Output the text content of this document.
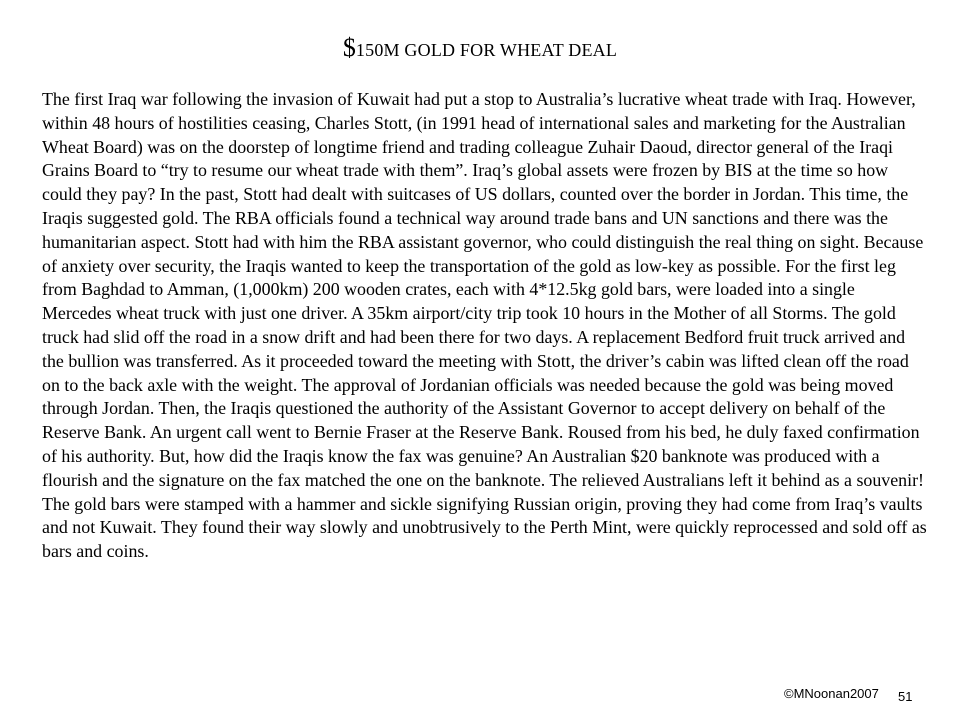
$150M GOLD FOR WHEAT DEAL

The first Iraq war following the invasion of Kuwait had put a stop to Australia’s lucrative wheat trade with Iraq. However, within 48 hours of hostilities ceasing, Charles Stott, (in 1991 head of international sales and marketing for the Australian Wheat Board) was on the doorstep of longtime friend and trading colleague Zuhair Daoud, director general of the Iraqi Grains Board to “try to resume our wheat trade with them”. Iraq’s global assets were frozen by BIS at the time so how could they pay? In the past, Stott had dealt with suitcases of US dollars, counted over the border in Jordan. This time, the Iraqis suggested gold. The RBA officials found a technical way around trade bans and UN sanctions and there was the humanitarian aspect. Stott had with him the RBA assistant governor, who could distinguish the real thing on sight. Because of anxiety over security, the Iraqis wanted to keep the transportation of the gold as low-key as possible. For the first leg from Baghdad to Amman, (1,000km) 200 wooden crates, each with 4*12.5kg gold bars, were loaded into a single Mercedes wheat truck with just one driver. A 35km airport/city trip took 10 hours in the Mother of all Storms. The gold truck had slid off the road in a snow drift and had been there for two days. A replacement Bedford fruit truck arrived and the bullion was transferred. As it proceeded toward the meeting with Stott, the driver’s cabin was lifted clean off the road on to the back axle with the weight. The approval of Jordanian officials was needed because the gold was being moved through Jordan. Then, the Iraqis questioned the authority of the Assistant Governor to accept delivery on behalf of the Reserve Bank. An urgent call went to Bernie Fraser at the Reserve Bank. Roused from his bed, he duly faxed confirmation of his authority. But, how did the Iraqis know the fax was genuine? An Australian $20 banknote was produced with a flourish and the signature on the fax matched the one on the banknote. The relieved Australians left it behind as a souvenir! The gold bars were stamped with a hammer and sickle signifying Russian origin, proving they had come from Iraq’s vaults and not Kuwait. They found their way slowly and unobtrusively to the Perth Mint, were quickly reprocessed and sold off as bars and coins.

©MNoonan2007 51
